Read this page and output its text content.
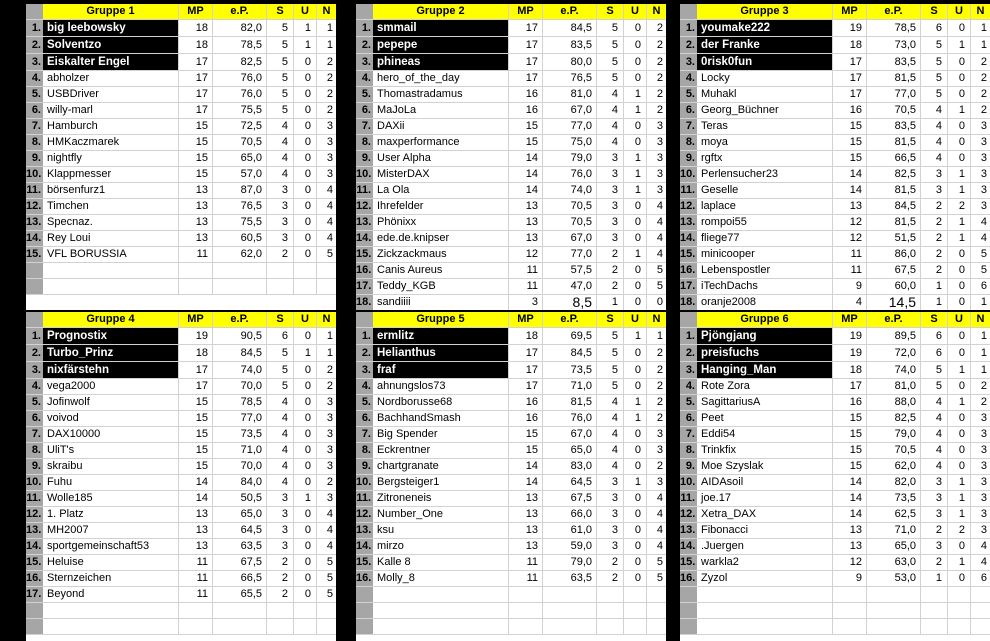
Gruppe 1	MP	e.P.	S	U	N
1. big leebowsky	18	82,0	5	1	1
2. Solventzo	18	78,5	5	1	1
3. Eiskalter Engel	17	82,5	5	0	2
4. abholzer	17	76,0	5	0	2
5. USBDriver	17	76,0	5	0	2
6. willy-marl	17	75,5	5	0	2
7. Hamburch	15	72,5	4	0	3
8. HMKaczmarek	15	70,5	4	0	3
9. nightfly	15	65,0	4	0	3
10. Klappmesser	15	57,0	4	0	3
11. börsenfurz1	13	87,0	3	0	4
12. Timchen	13	76,5	3	0	4
13. Specnaz.	13	75,5	3	0	4
14. Rey Loui	13	60,5	3	0	4
15. VFL BORUSSIA	11	62,0	2	0	5
Gruppe 2	MP	e.P.	S	U	N
1. smmail	17	84,5	5	0	2
2. pepepe	17	83,5	5	0	2
3. phineas	17	80,0	5	0	2
4. hero_of_the_day	17	76,5	5	0	2
5. Thomastradamus	16	81,0	4	1	2
6. MaJoLa	16	67,0	4	1	2
7. DAXii	15	77,0	4	0	3
8. maxperformance	15	75,0	4	0	3
9. User Alpha	14	79,0	3	1	3
10. MisterDAX	14	76,0	3	1	3
11. La Ola	14	74,0	3	1	3
12. Ihrefelder	13	70,5	3	0	4
13. Phönixx	13	70,5	3	0	4
14. ede.de.knipser	13	67,0	3	0	4
15. Zickzackmaus	12	77,0	2	1	4
16. Canis Aureus	11	57,5	2	0	5
17. Teddy_KGB	11	47,0	2	0	5
18. sandiiii	3	8,5	1	0	0
Gruppe 3	MP	e.P.	S	U	N
1. youmake222	19	78,5	6	0	1
2. der Franke	18	73,0	5	1	1
3. 0risk0fun	17	83,5	5	0	2
4. Locky	17	81,5	5	0	2
5. Muhakl	17	77,0	5	0	2
6. Georg_Büchner	16	70,5	4	1	2
7. Teras	15	83,5	4	0	3
8. moya	15	81,5	4	0	3
9. rgftx	15	66,5	4	0	3
10. Perlensucher23	14	82,5	3	1	3
11. Geselle	14	81,5	3	1	3
12. laplace	13	84,5	2	2	3
13. rompoi55	12	81,5	2	1	4
14. fliege77	12	51,5	2	1	4
15. minicooper	11	86,0	2	0	5
16. Lebenspostler	11	67,5	2	0	5
17. iTechDachs	9	60,0	1	0	6
18. oranje2008	4	14,5	1	0	1
Gruppe 4	MP	e.P.	S	U	N
1. Prognostix	19	90,5	6	0	1
2. Turbo_Prinz	18	84,5	5	1	1
3. nixfärstehn	17	74,0	5	0	2
4. vega2000	17	70,0	5	0	2
5. Jofinwolf	15	78,5	4	0	3
6. voivod	15	77,0	4	0	3
7. DAX10000	15	73,5	4	0	3
8. UliT's	15	71,0	4	0	3
9. skraibu	15	70,0	4	0	3
10. Fuhu	14	84,0	4	0	2
11. Wolle185	14	50,5	3	1	3
12. 1. Platz	13	65,0	3	0	4
13. MH2007	13	64,5	3	0	4
14. sportgemeinschaft53	13	63,5	3	0	4
15. Heluise	11	67,5	2	0	5
16. Sternzeichen	11	66,5	2	0	5
17. Beyond	11	65,5	2	0	5
Gruppe 5	MP	e.P.	S	U	N
1. ermlitz	18	69,5	5	1	1
2. Helianthus	17	84,5	5	0	2
3. fraf	17	73,5	5	0	2
4. ahnungslos73	17	71,0	5	0	2
5. Nordborusse68	16	81,5	4	1	2
6. BachhandSmash	16	76,0	4	1	2
7. Big Spender	15	67,0	4	0	3
8. Eckrentner	15	65,0	4	0	3
9. chartgranate	14	83,0	4	0	2
10. Bergsteiger1	14	64,5	3	1	3
11. Zitroneneis	13	67,5	3	0	4
12. Number_One	13	66,0	3	0	4
13. ksu	13	61,0	3	0	4
14. mirzo	13	59,0	3	0	4
15. Kalle 8	11	79,0	2	0	5
16. Molly_8	11	63,5	2	0	5
Gruppe 6	MP	e.P.	S	U	N
1. Pjöngjang	19	89,5	6	0	1
2. preisfuchs	19	72,0	6	0	1
3. Hanging_Man	18	74,0	5	1	1
4. Rote Zora	17	81,0	5	0	2
5. SagittariusA	16	88,0	4	1	2
6. Peet	15	82,5	4	0	3
7. Eddi54	15	79,0	4	0	3
8. Trinkfix	15	70,5	4	0	3
9. Moe Szyslak	15	62,0	4	0	3
10. AIDAsoil	14	82,0	3	1	3
11. joe.17	14	73,5	3	1	3
12. Xetra_DAX	14	62,5	3	1	3
13. Fibonacci	13	71,0	2	2	3
14. .Juergen	13	65,0	3	0	4
15. warkla2	12	63,0	2	1	4
16. Zyzol	9	53,0	1	0	6
